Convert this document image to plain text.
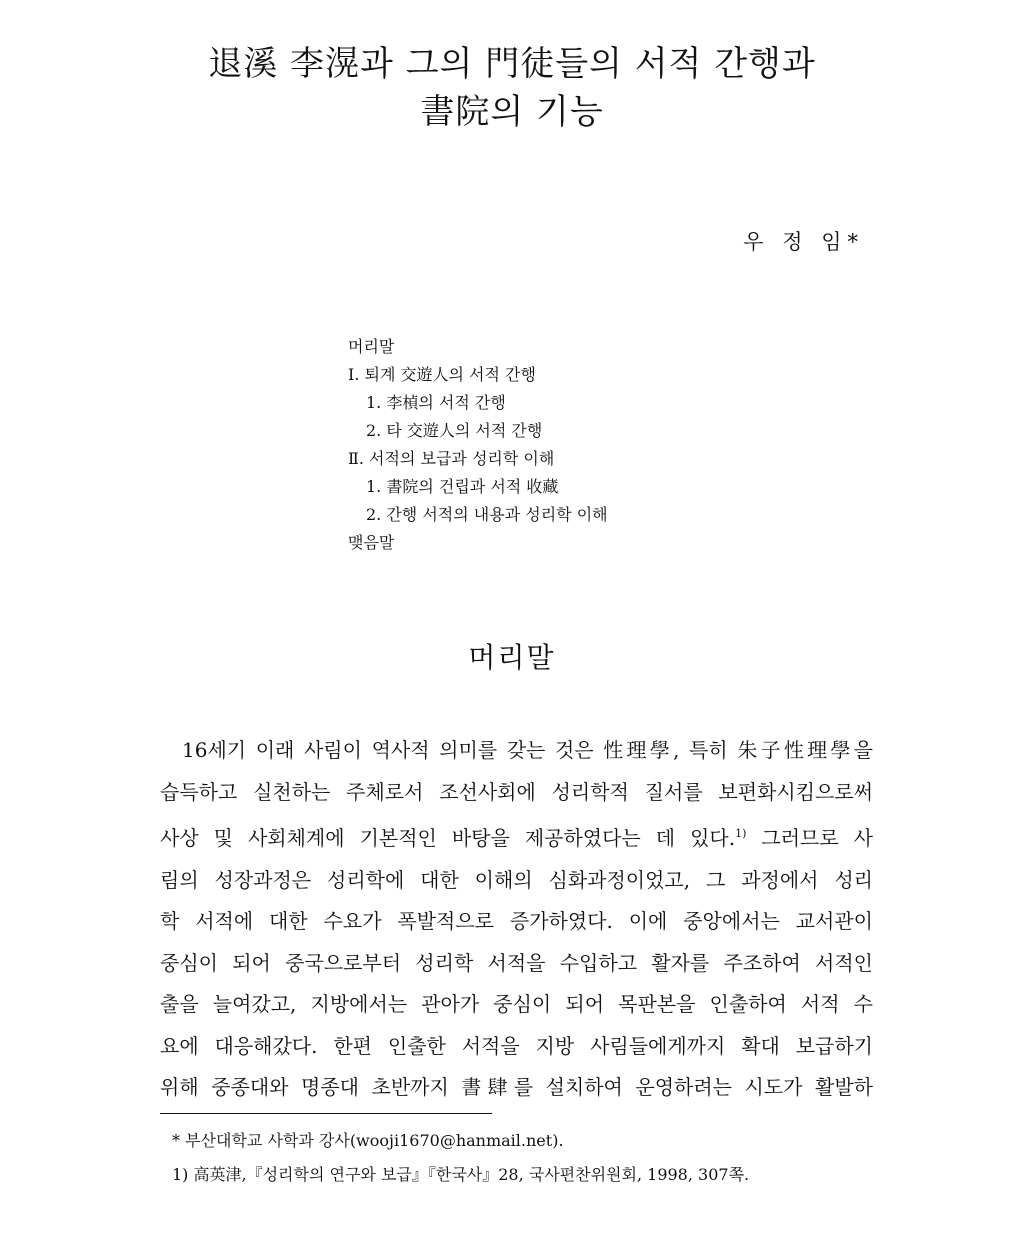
退溪 李滉과 그의 門徒들의 서적 간행과
書院의 기능
우 정 임*
머리말
Ⅰ. 퇴계 交遊人의 서적 간행
1. 李楨의 서적 간행
2. 타 交遊人의 서적 간행
Ⅱ. 서적의 보급과 성리학 이해
1. 書院의 건립과 서적 收藏
2. 간행 서적의 내용과 성리학 이해
맺음말
머리말
16세기 이래 사림이 역사적 의미를 갖는 것은 性理學, 특히 朱子性理學을
습득하고 실천하는 주체로서 조선사회에 성리학적 질서를 보편화시킴으로써
사상 및 사회체계에 기본적인 바탕을 제공하였다는 데 있다.$^{1)}$ 그러므로 사
림의 성장과정은 성리학에 대한 이해의 심화과정이었고, 그 과정에서 성리
학 서적에 대한 수요가 폭발적으로 증가하였다. 이에 중앙에서는 교서관이
중심이 되어 중국으로부터 성리학 서적을 수입하고 활자를 주조하여 서적인
출을 늘여갔고, 지방에서는 관아가 중심이 되어 목판본을 인출하여 서적 수
요에 대응해갔다. 한편 인출한 서적을 지방 사림들에게까지 확대 보급하기
위해 중종대와 명종대 초반까지 書肆를 설치하여 운영하려는 시도가 활발하
* 부산대학교 사학과 강사(wooji1670@hanmail.net).
1) 高英津,『성리학의 연구와 보급』『한국사』28, 국사편찬위원회, 1998, 307쪽.
